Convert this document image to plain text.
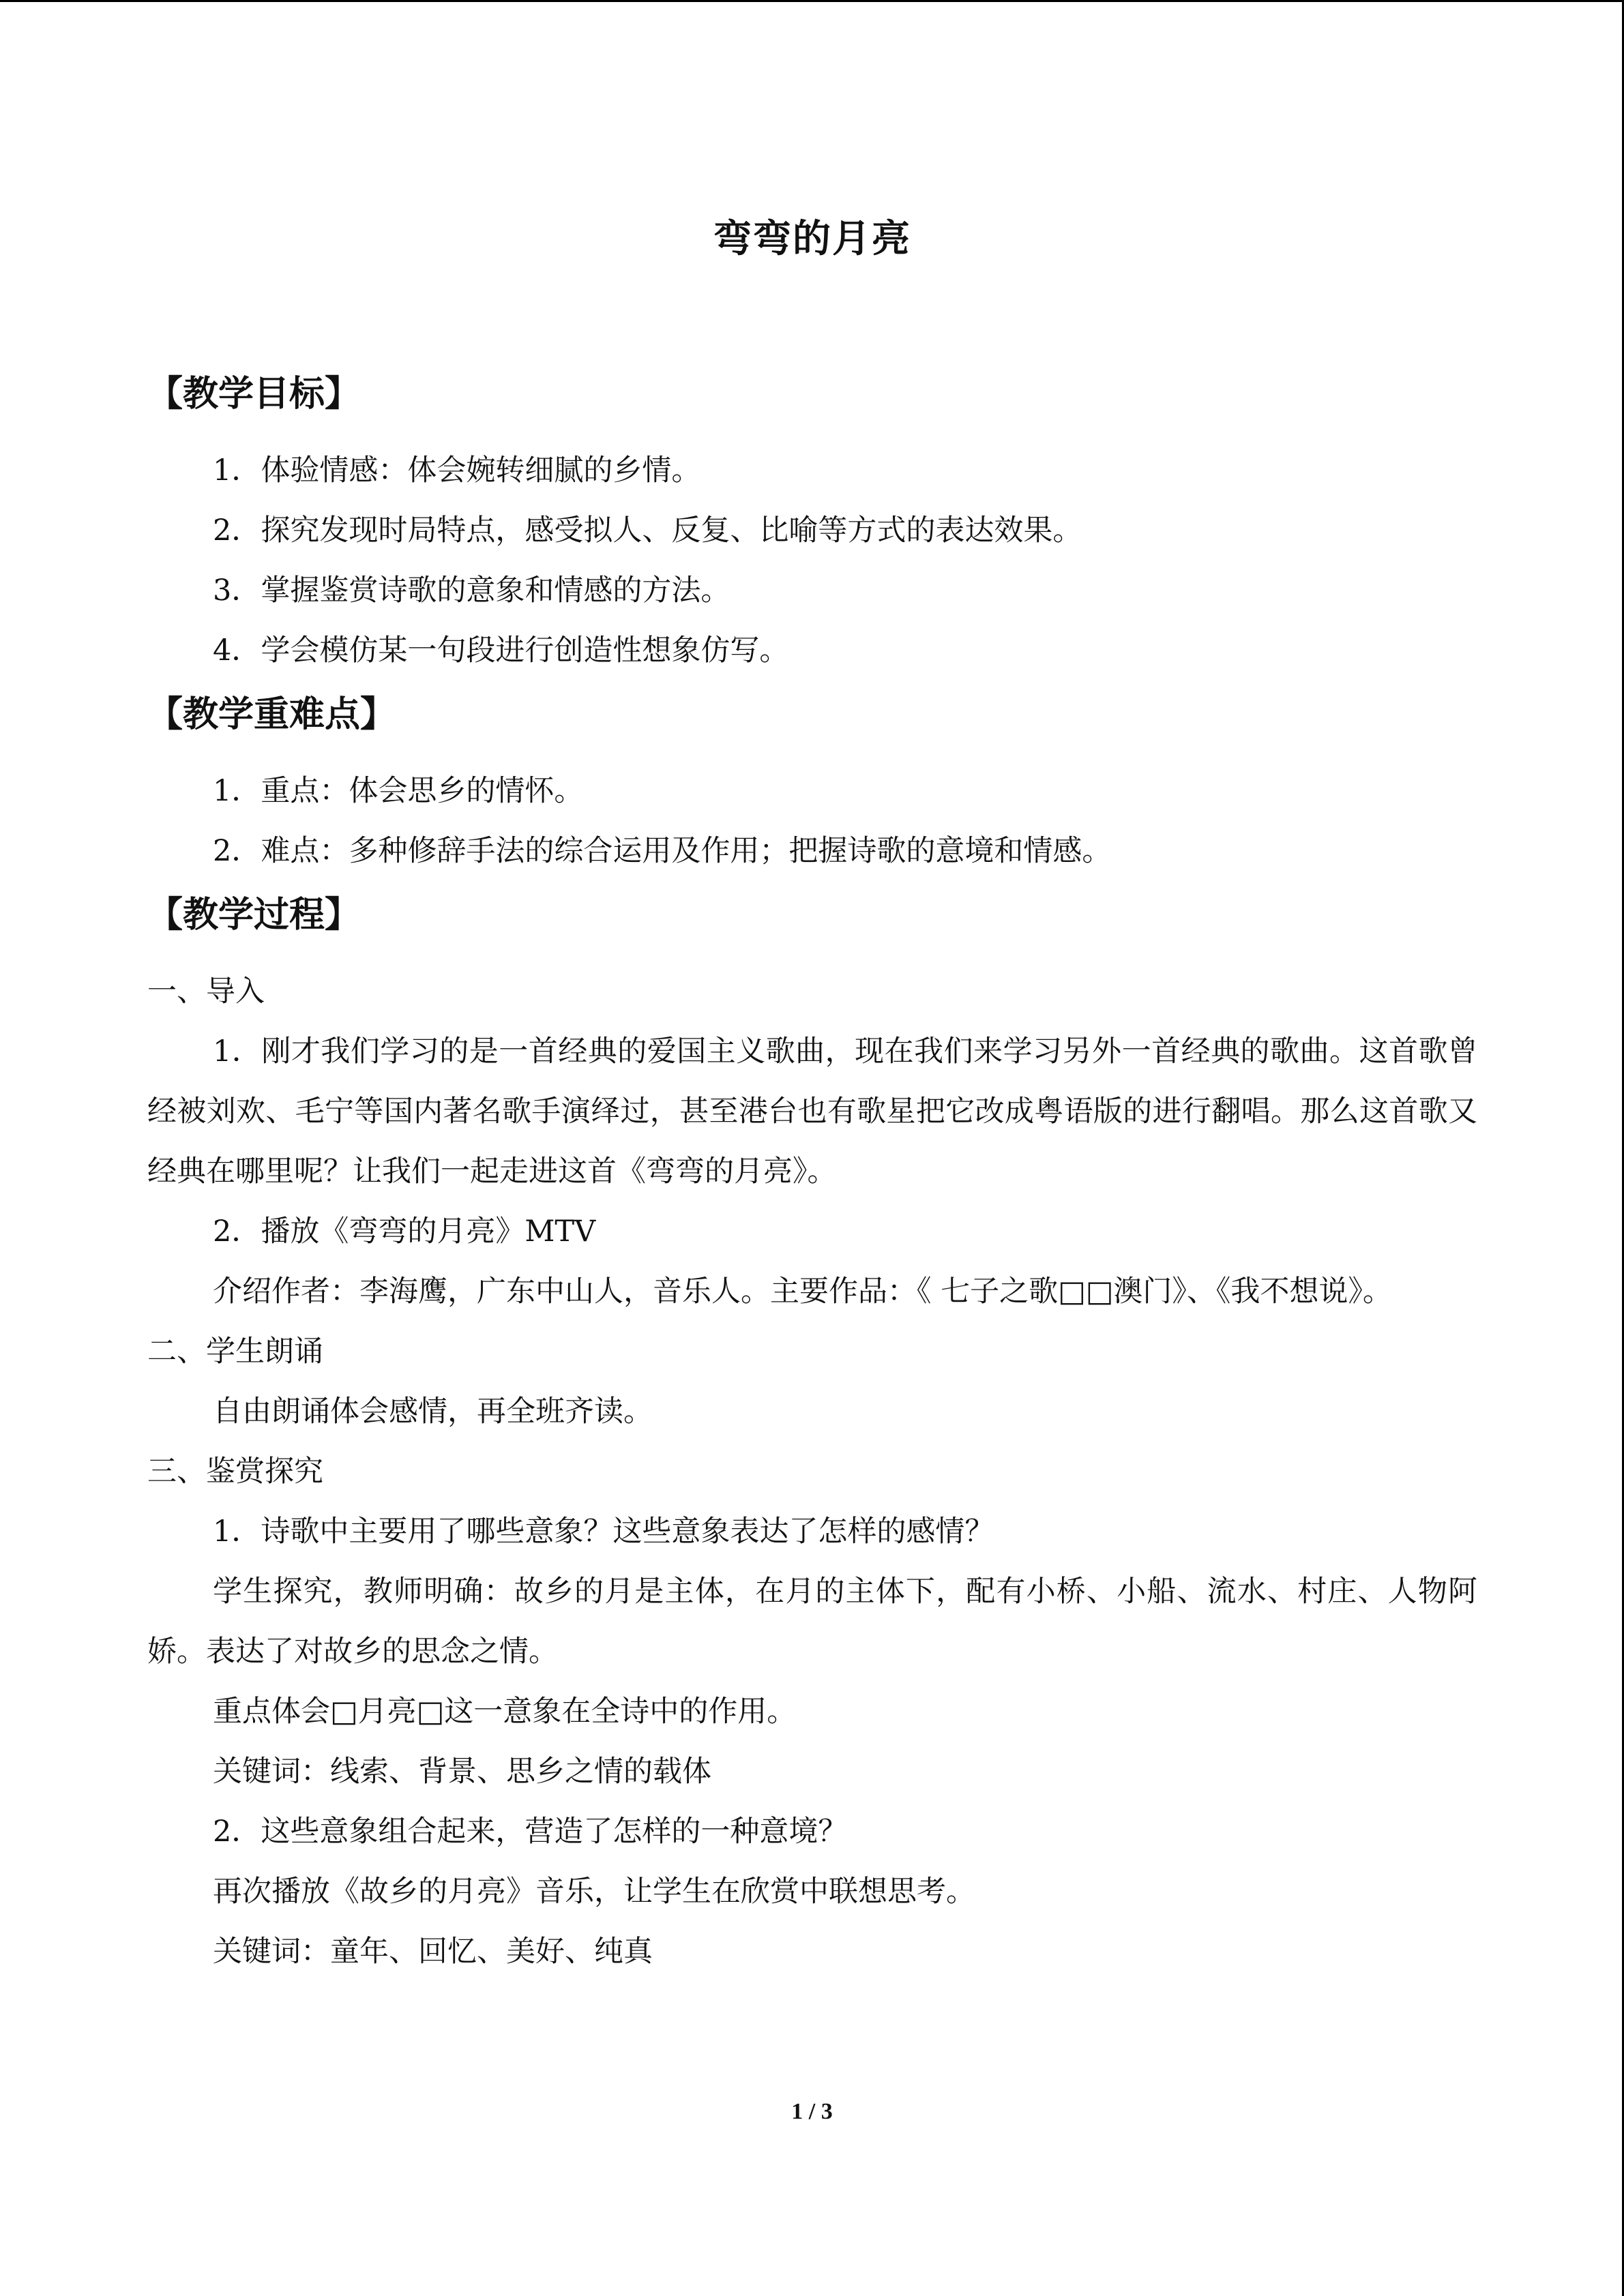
弯弯的月亮
【教学目标】
1．体验情感：体会婉转细腻的乡情。
2．探究发现时局特点，感受拟人、反复、比喻等方式的表达效果。
3．掌握鉴赏诗歌的意象和情感的方法。
4．学会模仿某一句段进行创造性想象仿写。
【教学重难点】
1．重点：体会思乡的情怀。
2．难点：多种修辞手法的综合运用及作用；把握诗歌的意境和情感。
【教学过程】
一、导入

1．刚才我们学习的是一首经典的爱国主义歌曲，现在我们来学习另外一首经典的歌曲。这首歌曾经被刘欢、毛宁等国内著名歌手演绎过，甚至港台也有歌星把它改成粤语版的进行翻唱。那么这首歌又经典在哪里呢？让我们一起走进这首《弯弯的月亮》。

2．播放《弯弯的月亮》MTV

介绍作者：李海鹰，广东中山人，音乐人。主要作品：《 七子之歌□□澳门》、《我不想说》。

二、学生朗诵

自由朗诵体会感情，再全班齐读。

三、鉴赏探究

1．诗歌中主要用了哪些意象？这些意象表达了怎样的感情？

学生探究，教师明确：故乡的月是主体，在月的主体下，配有小桥、小船、流水、村庄、人物阿娇。表达了对故乡的思念之情。

重点体会□月亮□这一意象在全诗中的作用。

关键词：线索、背景、思乡之情的载体

2．这些意象组合起来，营造了怎样的一种意境？

再次播放《故乡的月亮》音乐，让学生在欣赏中联想思考。

关键词：童年、回忆、美好、纯真

1 / 3
